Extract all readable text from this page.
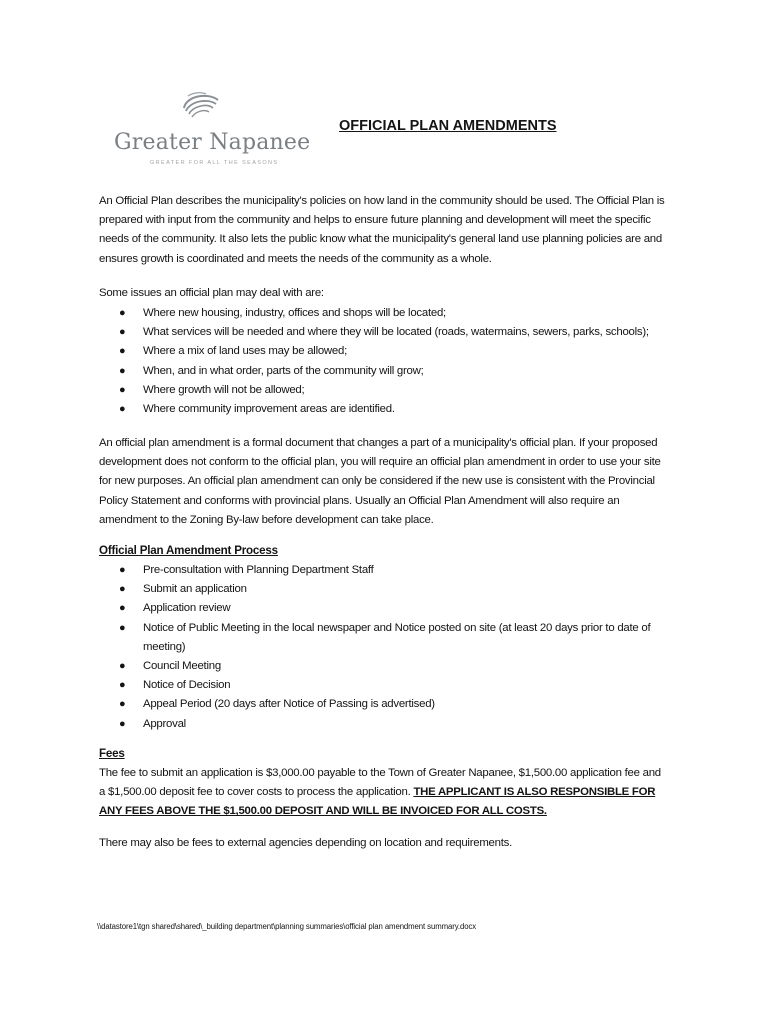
Greater Napanee
GREATER FOR ALL THE SEASONS
OFFICIAL PLAN AMENDMENTS

An Official Plan describes the municipality's policies on how land in the community should be used. The Official Plan is prepared with input from the community and helps to ensure future planning and development will meet the specific needs of the community. It also lets the public know what the municipality's general land use planning policies are and ensures growth is coordinated and meets the needs of the community as a whole.

Some issues an official plan may deal with are:

● Where new housing, industry, offices and shops will be located;
● What services will be needed and where they will be located (roads, watermains, sewers, parks, schools);
● Where a mix of land uses may be allowed;
● When, and in what order, parts of the community will grow;
● Where growth will not be allowed;
● Where community improvement areas are identified.

An official plan amendment is a formal document that changes a part of a municipality's official plan. If your proposed development does not conform to the official plan, you will require an official plan amendment in order to use your site for new purposes. An official plan amendment can only be considered if the new use is consistent with the Provincial Policy Statement and conforms with provincial plans. Usually an Official Plan Amendment will also require an amendment to the Zoning By-law before development can take place.

Official Plan Amendment Process
● Pre-consultation with Planning Department Staff
● Submit an application
● Application review
● Notice of Public Meeting in the local newspaper and Notice posted on site (at least 20 days prior to date of meeting)
● Council Meeting
● Notice of Decision
● Appeal Period (20 days after Notice of Passing is advertised)
● Approval
Fees

The fee to submit an application is $3,000.00 payable to the Town of Greater Napanee, $1,500.00 application fee and a $1,500.00 deposit fee to cover costs to process the application. THE APPLICANT IS ALSO RESPONSIBLE FOR ANY FEES ABOVE THE $1,500.00 DEPOSIT AND WILL BE INVOICED FOR ALL COSTS.

There may also be fees to external agencies depending on location and requirements.

\\datastore1\tgn shared\shared\_building department\planning summaries\official plan amendment summary.docx
